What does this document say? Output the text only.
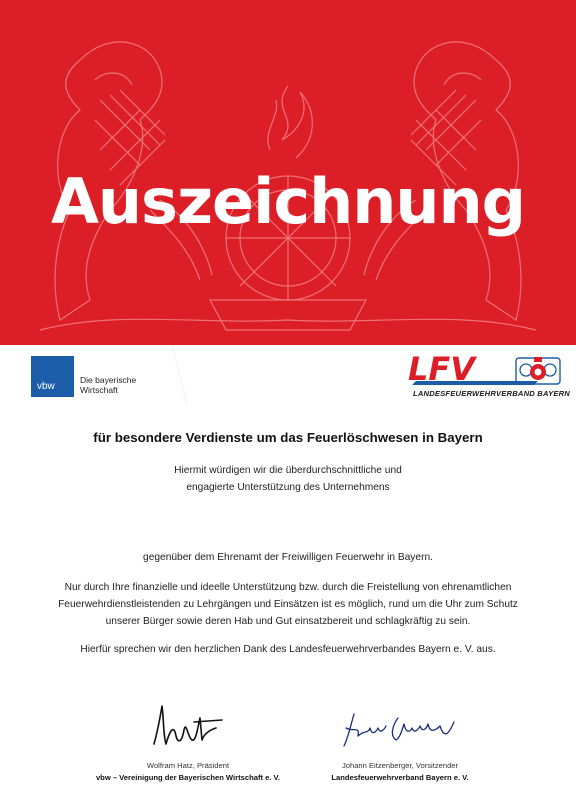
Auszeichnung
vbw
Die bayerische
Wirtschaft
LFV
LANDESFEUERWEHRVERBAND BAYERN
für besondere Verdienste um das Feuerlöschwesen in Bayern
Hiermit würdigen wir die überdurchschnittliche und
engagierte Unterstützung des Unternehmens
gegenüber dem Ehrenamt der Freiwilligen Feuerwehr in Bayern.
Nur durch Ihre finanzielle und ideelle Unterstützung bzw. durch die Freistellung von ehrenamtlichen
Feuerwehrdienstleistenden zu Lehrgängen und Einsätzen ist es möglich, rund um die Uhr zum Schutz
unserer Bürger sowie deren Hab und Gut einsatzbereit und schlagkräftig zu sein.
Hierfür sprechen wir den herzlichen Dank des Landesfeuerwehrverbandes Bayern e. V. aus.
Wolfram Hatz, Präsident
vbw – Vereinigung der Bayerischen Wirtschaft e. V.
Johann Eitzenberger, Vorsitzender
Landesfeuerwehrverband Bayern e. V.
